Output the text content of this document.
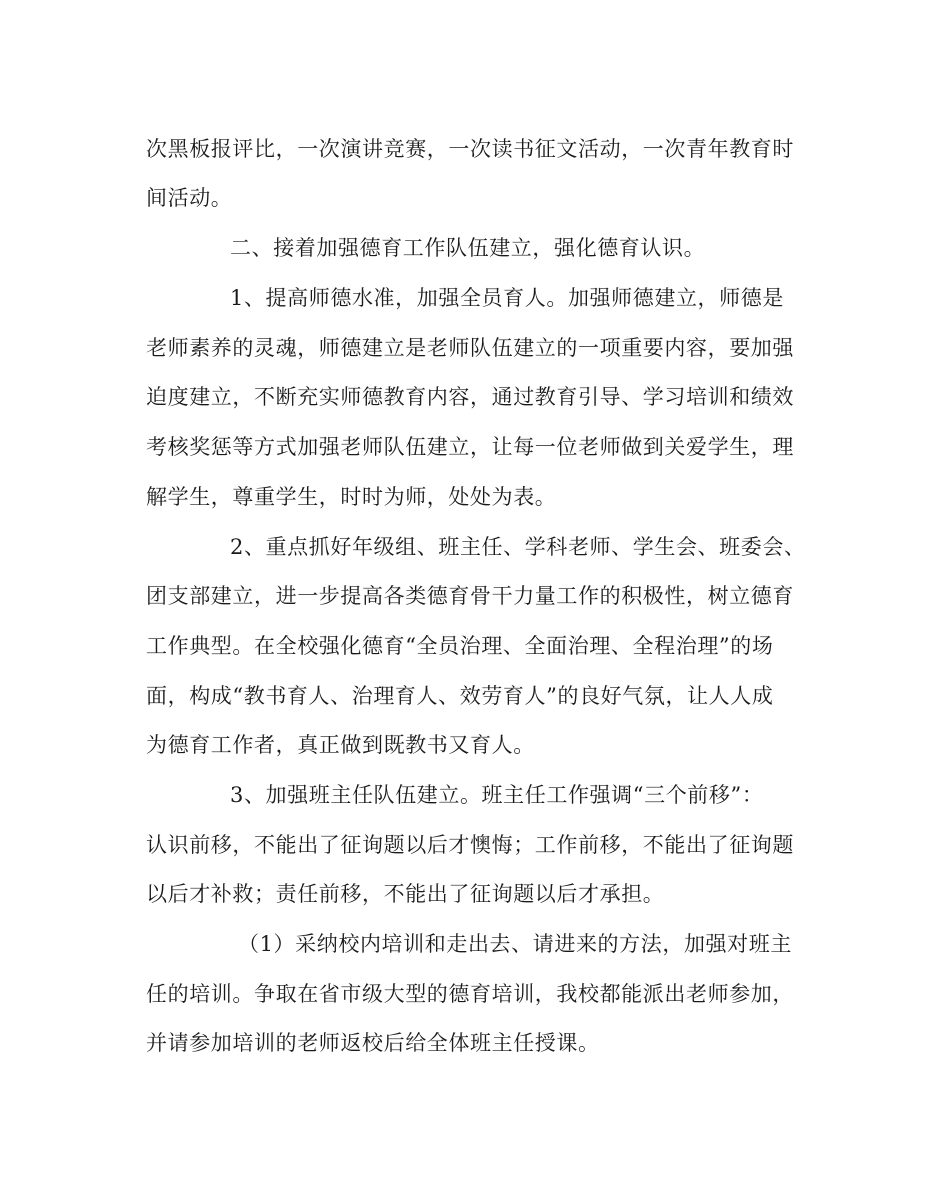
次黑板报评比，一次演讲竞赛，一次读书征文活动，一次青年教育时
间活动。
二、接着加强德育工作队伍建立，强化德育认识。
1、提高师德水准，加强全员育人。加强师德建立，师德是
老师素养的灵魂，师德建立是老师队伍建立的一项重要内容，要加强
迫度建立，不断充实师德教育内容，通过教育引导、学习培训和绩效
考核奖惩等方式加强老师队伍建立，让每一位老师做到关爱学生，理
解学生，尊重学生，时时为师，处处为表。
2、重点抓好年级组、班主任、学科老师、学生会、班委会、
团支部建立，进一步提高各类德育骨干力量工作的积极性，树立德育
工作典型。在全校强化德育“全员治理、全面治理、全程治理”的场
面，构成“教书育人、治理育人、效劳育人”的良好气氛，让人人成
为德育工作者，真正做到既教书又育人。
3、加强班主任队伍建立。班主任工作强调“三个前移”：
认识前移，不能出了征询题以后才懊悔；工作前移，不能出了征询题
以后才补救；责任前移，不能出了征询题以后才承担。
（1）采纳校内培训和走出去、请进来的方法，加强对班主
任的培训。争取在省市级大型的德育培训，我校都能派出老师参加，
并请参加培训的老师返校后给全体班主任授课。
